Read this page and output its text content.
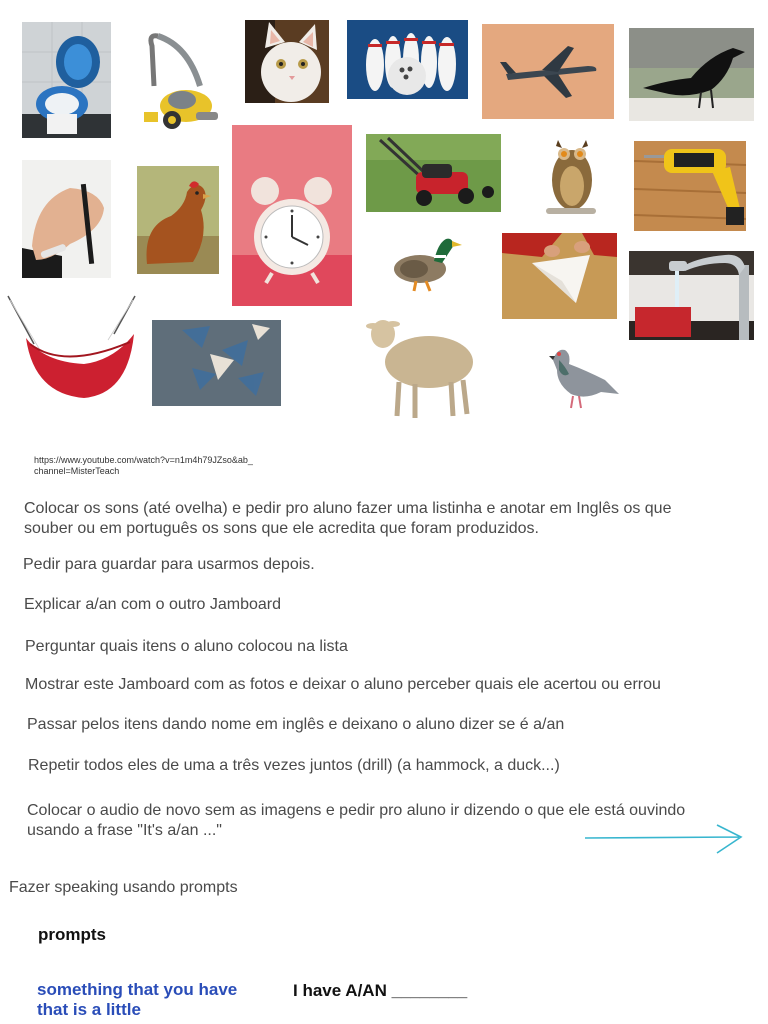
https://www.youtube.com/watch?v=n1m4h79JZso&ab_channel=MisterTeach
Colocar os sons (até ovelha) e pedir pro aluno fazer uma listinha e anotar em Inglês os que souber ou em português os sons que ele acredita que foram produzidos.
Pedir para guardar para usarmos depois.
Explicar a/an com o outro Jamboard
Perguntar quais itens o aluno colocou na lista
Mostrar este Jamboard com as fotos e deixar o aluno perceber quais ele acertou ou errou
Passar pelos itens dando nome em inglês e deixano o aluno dizer se é a/an
Repetir todos eles de uma a três vezes juntos (drill) (a hammock, a duck...)
Colocar o audio de novo sem as imagens e pedir pro aluno ir dizendo o que ele está ouvindo usando a frase "It's a/an ..."
Fazer speaking usando prompts
prompts
something that you have that is a little
I have A/AN ________
